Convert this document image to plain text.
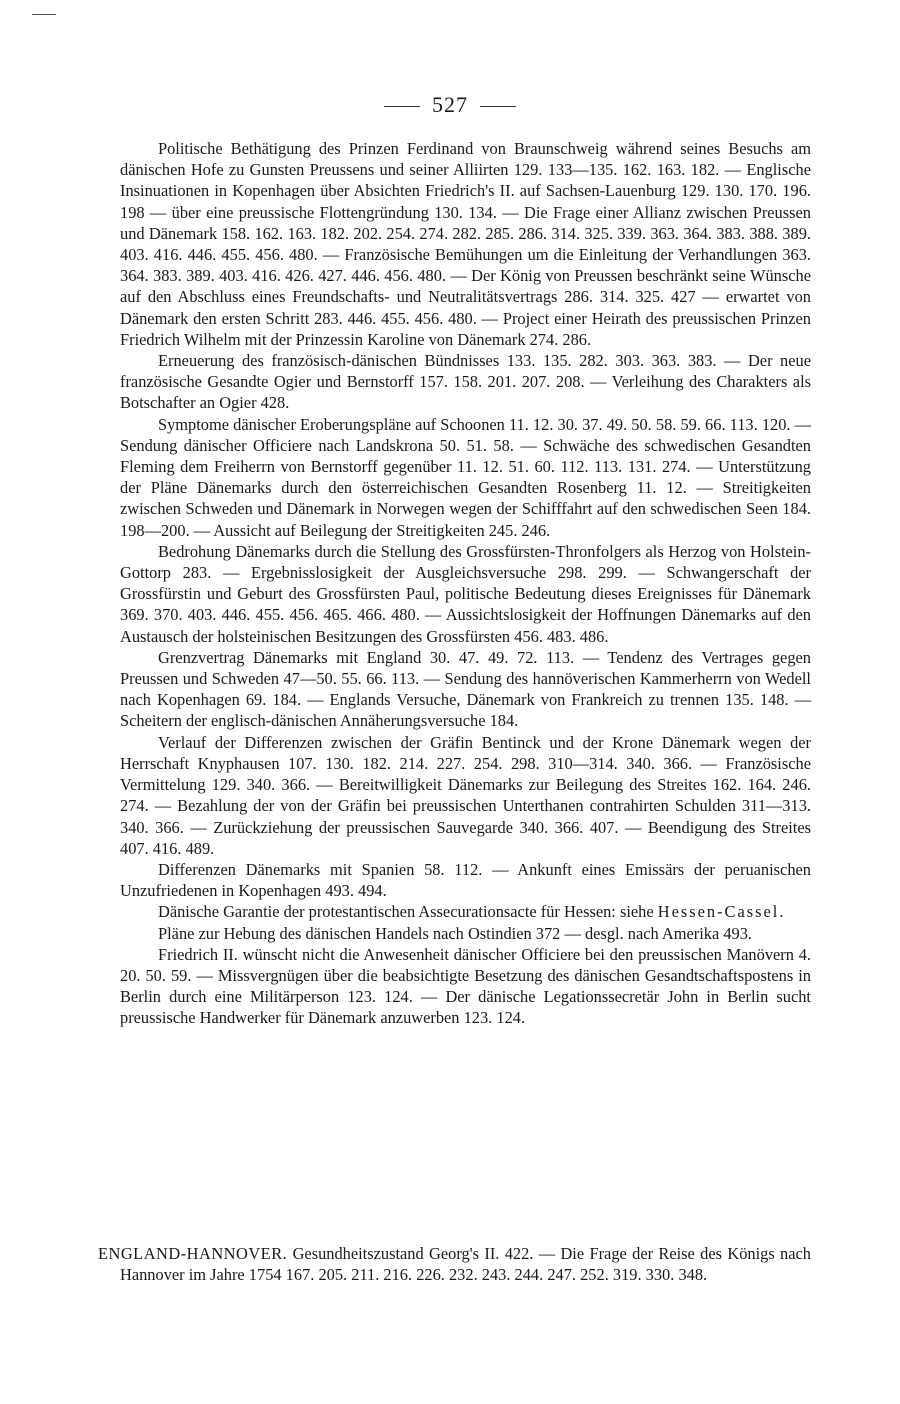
527

Politische Bethätigung des Prinzen Ferdinand von Braunschweig während seines Besuchs am dänischen Hofe zu Gunsten Preussens und seiner Alliirten 129. 133—135. 162. 163. 182. — Englische Insinuationen in Kopenhagen über Absichten Friedrich's II. auf Sachsen-Lauenburg 129. 130. 170. 196. 198 — über eine preussische Flottengründung 130. 134. — Die Frage einer Allianz zwischen Preussen und Dänemark 158. 162. 163. 182. 202. 254. 274. 282. 285. 286. 314. 325. 339. 363. 364. 383. 388. 389. 403. 416. 446. 455. 456. 480. — Französische Bemühungen um die Einleitung der Verhandlungen 363. 364. 383. 389. 403. 416. 426. 427. 446. 456. 480. — Der König von Preussen beschränkt seine Wünsche auf den Abschluss eines Freundschafts- und Neutralitätsvertrags 286. 314. 325. 427 — erwartet von Dänemark den ersten Schritt 283. 446. 455. 456. 480. — Project einer Heirath des preussischen Prinzen Friedrich Wilhelm mit der Prinzessin Karoline von Dänemark 274. 286.

Erneuerung des französisch-dänischen Bündnisses 133. 135. 282. 303. 363. 383. — Der neue französische Gesandte Ogier und Bernstorff 157. 158. 201. 207. 208. — Verleihung des Charakters als Botschafter an Ogier 428.

Symptome dänischer Eroberungspläne auf Schoonen 11. 12. 30. 37. 49. 50. 58. 59. 66. 113. 120. — Sendung dänischer Officiere nach Landskrona 50. 51. 58. — Schwäche des schwedischen Gesandten Fleming dem Freiherrn von Bernstorff gegenüber 11. 12. 51. 60. 112. 113. 131. 274. — Unterstützung der Pläne Dänemarks durch den österreichischen Gesandten Rosenberg 11. 12. — Streitigkeiten zwischen Schweden und Dänemark in Norwegen wegen der Schifffahrt auf den schwedischen Seen 184. 198—200. — Aussicht auf Beilegung der Streitigkeiten 245. 246.

Bedrohung Dänemarks durch die Stellung des Grossfürsten-Thronfolgers als Herzog von Holstein-Gottorp 283. — Ergebnisslosigkeit der Ausgleichsversuche 298. 299. — Schwangerschaft der Grossfürstin und Geburt des Grossfürsten Paul, politische Bedeutung dieses Ereignisses für Dänemark 369. 370. 403. 446. 455. 456. 465. 466. 480. — Aussichtslosigkeit der Hoffnungen Dänemarks auf den Austausch der holsteinischen Besitzungen des Grossfürsten 456. 483. 486.

Grenzvertrag Dänemarks mit England 30. 47. 49. 72. 113. — Tendenz des Vertrages gegen Preussen und Schweden 47—50. 55. 66. 113. — Sendung des hannöverischen Kammerherrn von Wedell nach Kopenhagen 69. 184. — Englands Versuche, Dänemark von Frankreich zu trennen 135. 148. — Scheitern der englisch-dänischen Annäherungsversuche 184.

Verlauf der Differenzen zwischen der Gräfin Bentinck und der Krone Dänemark wegen der Herrschaft Knyphausen 107. 130. 182. 214. 227. 254. 298. 310—314. 340. 366. — Französische Vermittelung 129. 340. 366. — Bereitwilligkeit Dänemarks zur Beilegung des Streites 162. 164. 246. 274. — Bezahlung der von der Gräfin bei preussischen Unterthanen contrahirten Schulden 311—313. 340. 366. — Zurückziehung der preussischen Sauvegarde 340. 366. 407. — Beendigung des Streites 407. 416. 489.

Differenzen Dänemarks mit Spanien 58. 112. — Ankunft eines Emissärs der peruanischen Unzufriedenen in Kopenhagen 493. 494.

Dänische Garantie der protestantischen Assecurationsacte für Hessen: siehe Hessen-Cassel.

Pläne zur Hebung des dänischen Handels nach Ostindien 372 — desgl. nach Amerika 493.

Friedrich II. wünscht nicht die Anwesenheit dänischer Officiere bei den preussischen Manövern 4. 20. 50. 59. — Missvergnügen über die beabsichtigte Besetzung des dänischen Gesandtschaftspostens in Berlin durch eine Militärperson 123. 124. — Der dänische Legationssecretär John in Berlin sucht preussische Handwerker für Dänemark anzuwerben 123. 124.

ENGLAND-HANNOVER. Gesundheitszustand Georg's II. 422. — Die Frage der Reise des Königs nach Hannover im Jahre 1754 167. 205. 211. 216. 226. 232. 243. 244. 247. 252. 319. 330. 348.
